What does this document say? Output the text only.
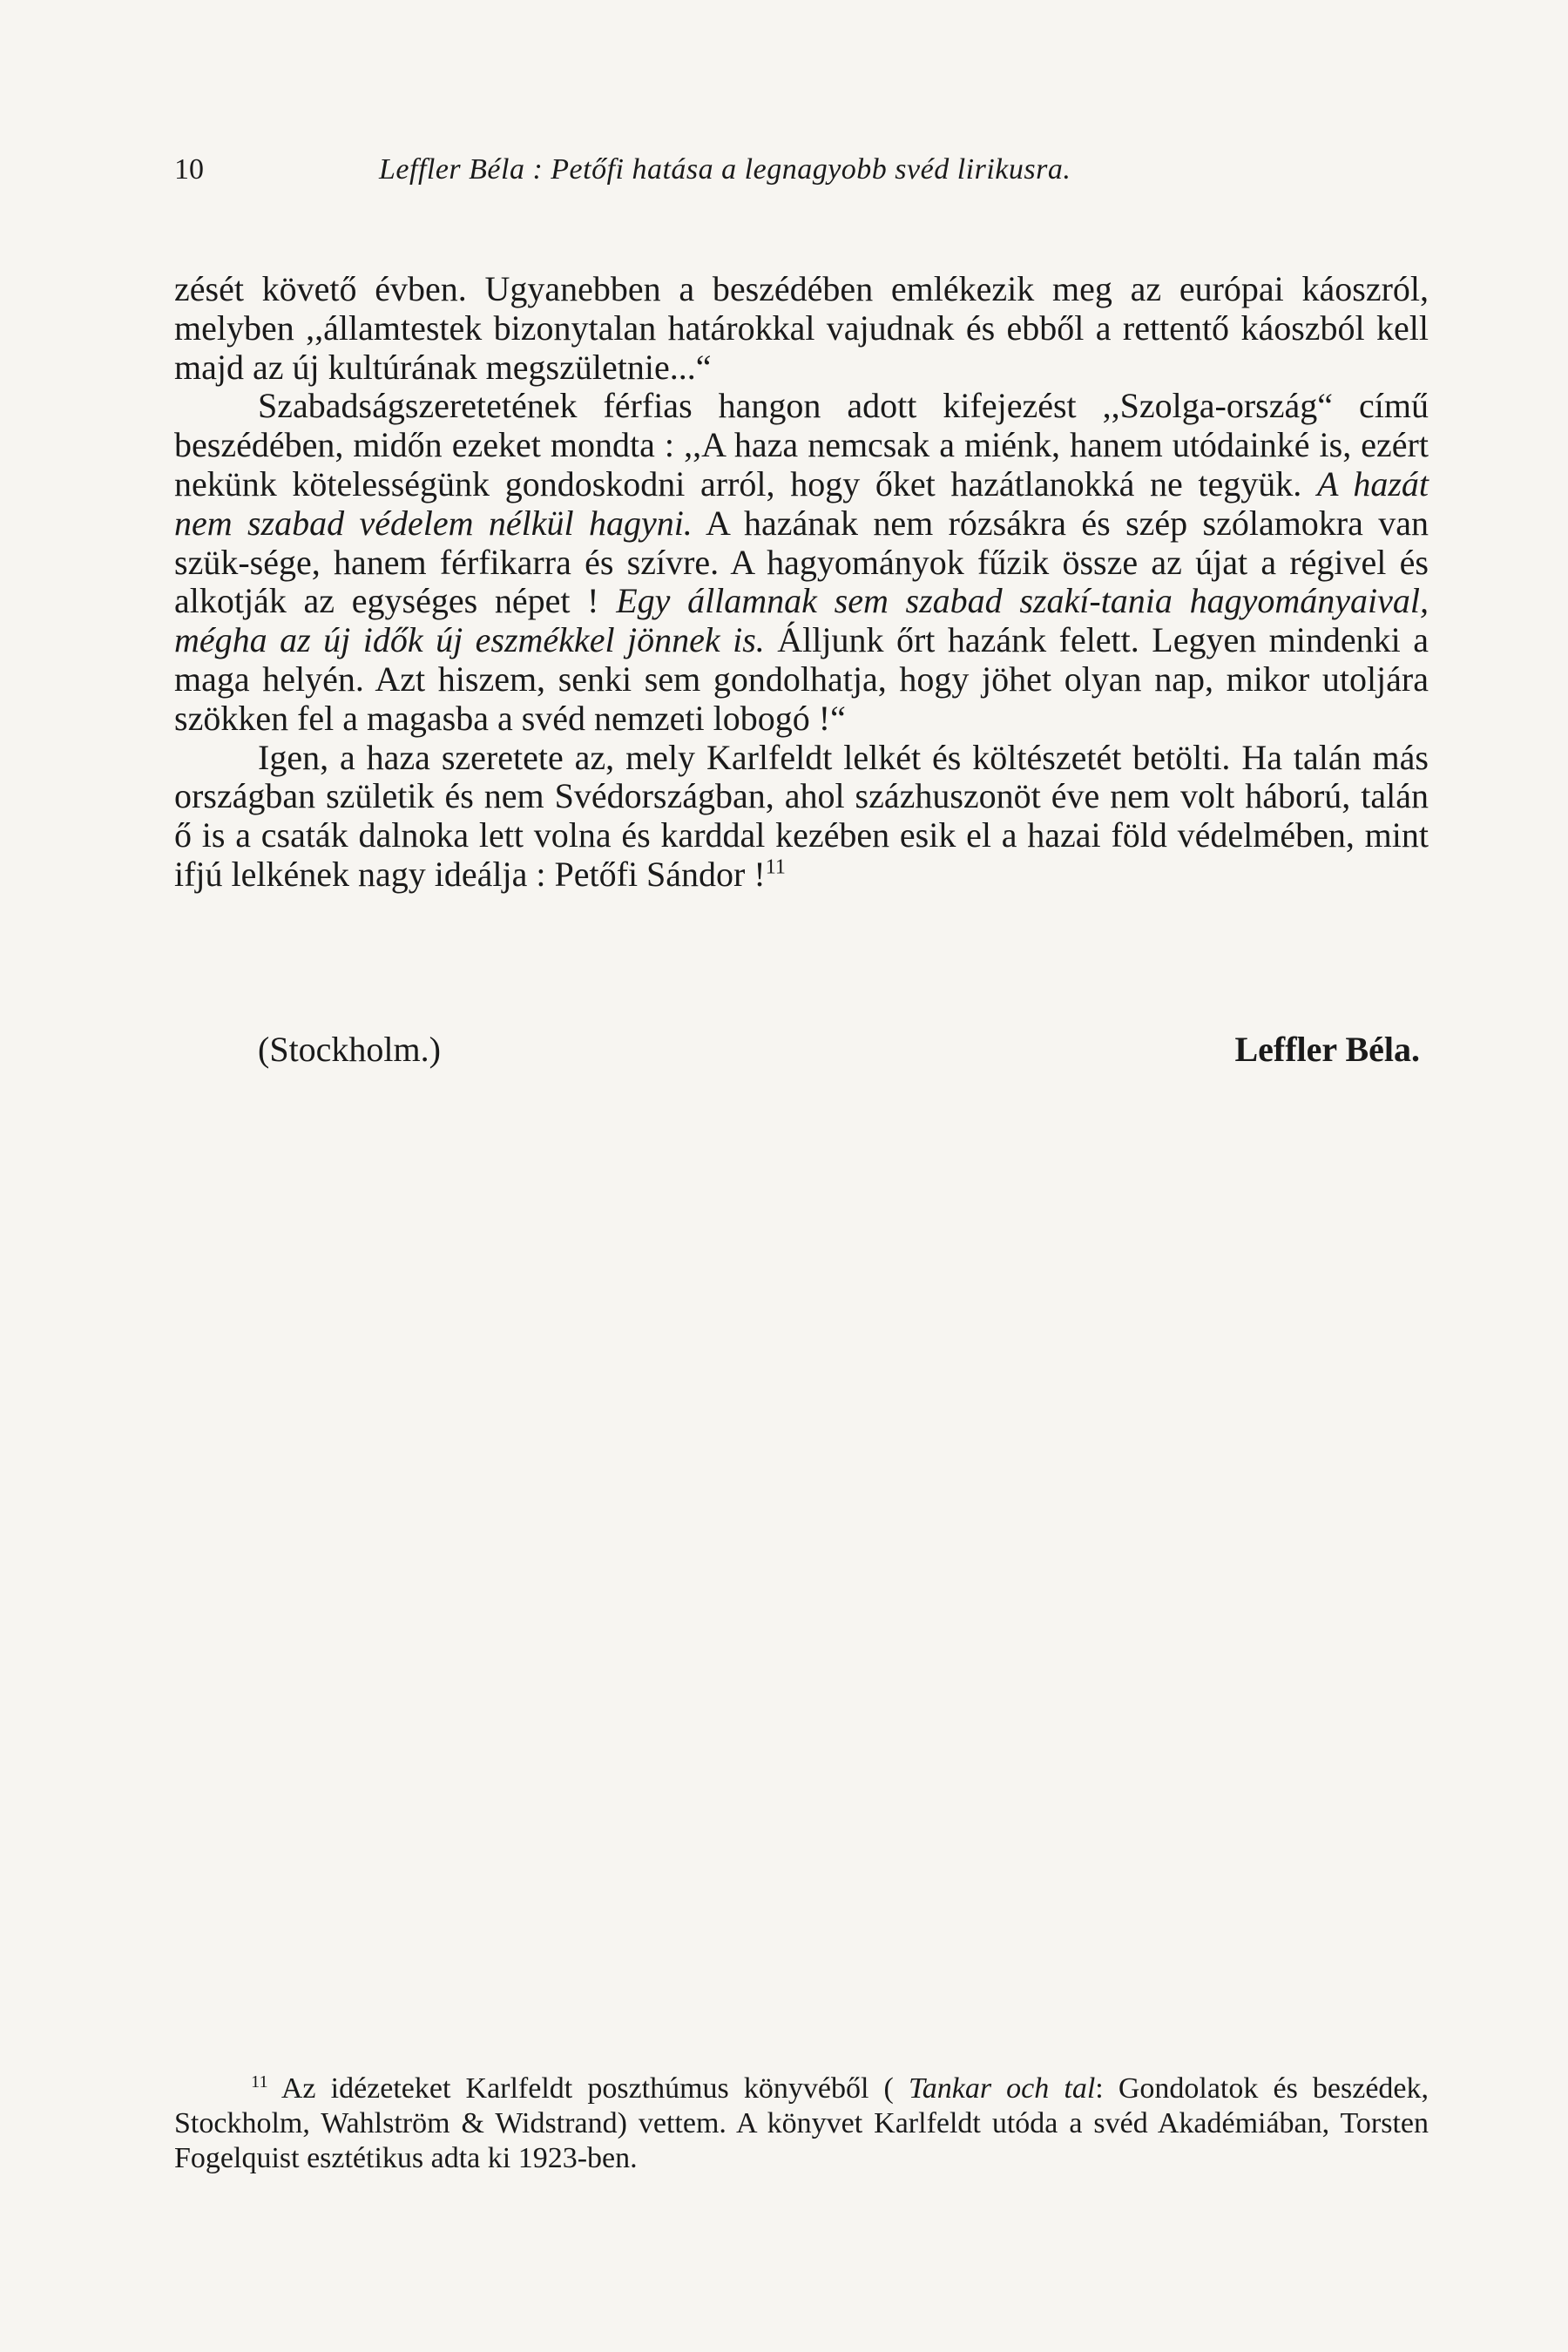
10	Leffler Béla : Petőfi hatása a legnagyobb svéd lirikusra.

zését követő évben. Ugyanebben a beszédében emlékezik meg az európai káoszról, melyben ,,államtestek bizonytalan határokkal vajudnak és ebből a rettentő káoszból kell majd az új kultúrának megszületnie...“

Szabadságszeretetének férfias hangon adott kifejezést ,,Szolga-ország“ című beszédében, midőn ezeket mondta : ,,A haza nemcsak a miénk, hanem utódainké is, ezért nekünk kötelességünk gondoskodni arról, hogy őket hazátlanokká ne tegyük. A hazát nem szabad védelem nélkül hagyni. A hazának nem rózsákra és szép szólamokra van szük-sége, hanem férfikarra és szívre. A hagyományok fűzik össze az újat a régivel és alkotják az egységes népet ! Egy államnak sem szabad szakí-tania hagyományaival, mégha az új idők új eszmékkel jönnek is. Álljunk őrt hazánk felett. Legyen mindenki a maga helyén. Azt hiszem, senki sem gondolhatja, hogy jöhet olyan nap, mikor utoljára szökken fel a magasba a svéd nemzeti lobogó !“

Igen, a haza szeretete az, mely Karlfeldt lelkét és költészetét betölti. Ha talán más országban születik és nem Svédországban, ahol százhuszonöt éve nem volt háború, talán ő is a csaták dalnoka lett volna és karddal kezében esik el a hazai föld védelmében, mint ifjú lelkének nagy ideálja : Petőfi Sándor !$^{11}$

(Stockholm.)	Leffler Béla.
$^{11}$ Az idézeteket Karlfeldt poszthúmus könyvéből ( Tankar och tal: Gondolatok és beszédek, Stockholm, Wahlström & Widstrand) vettem. A könyvet Karlfeldt utóda a svéd Akadémiában, Torsten Fogelquist esztétikus adta ki 1923-ben.
